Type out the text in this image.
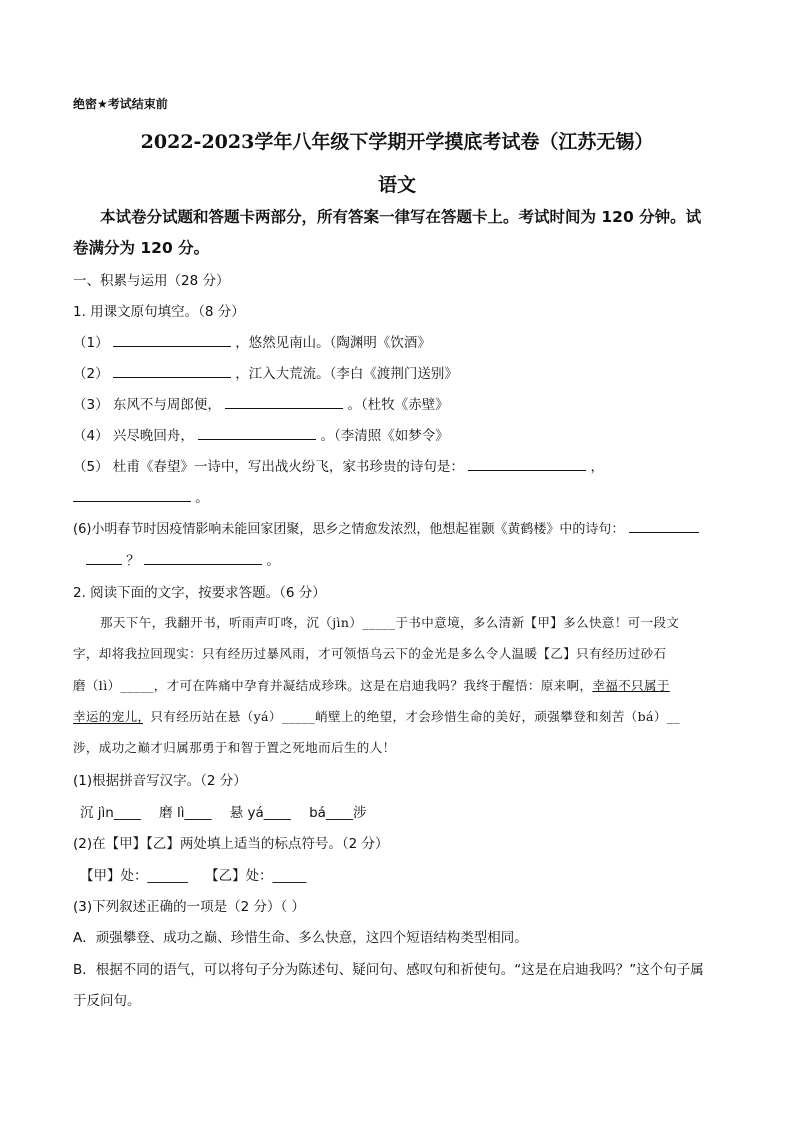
绝密★考试结束前
2022-2023学年八年级下学期开学摸底考试卷（江苏无锡）
语文
本试卷分试题和答题卡两部分，所有答案一律写在答题卡上。考试时间为 120 分钟。试
卷满分为 120 分。
一、积累与运用（28 分）
1. 用课文原句填空。（8 分）
（1）	，悠然见南山。（陶渊明《饮酒》
（2）	，江入大荒流。（李白《渡荆门送别》
（3） 东风不与周郎便，	。（杜牧《赤壁》
（4） 兴尽晚回舟，	。（李清照《如梦令》
（5） 杜甫《春望》一诗中，写出战火纷飞，家书珍贵的诗句是：	，
。
(6)小明春节时因疫情影响未能回家团聚，思乡之情愈发浓烈，他想起崔颢《黄鹤楼》中的诗句：
？	。
2. 阅读下面的文字，按要求答题。（6 分）
那天下午，我翻开书，听雨声叮咚，沉（jìn）_____于书中意境，多么清新【甲】多么快意！可一段文
字，却将我拉回现实：只有经历过暴风雨，才可领悟乌云下的金光是多么令人温暖【乙】只有经历过砂石
磨（lì）_____，才可在阵痛中孕育并凝结成珍珠。这是在启迪我吗？我终于醒悟：原来啊，幸福不只属于
幸运的宠儿，只有经历站在悬（yá）_____峭壁上的绝望，才会珍惜生命的美好，顽强攀登和刻苦（bá）__
涉，成功之巅才归属那勇于和智于置之死地而后生的人！
(1)根据拼音写汉字。（2 分）
沉 jìn____ 磨 lì____ 悬 yá____ bá____涉
(2)在【甲】【乙】两处填上适当的标点符号。（2 分）
【甲】处：______ 【乙】处：_____
(3)下列叙述正确的一项是（2 分）（ ）
A．顽强攀登、成功之巅、珍惜生命、多么快意，这四个短语结构类型相同。
B．根据不同的语气，可以将句子分为陈述句、疑问句、感叹句和祈使句。“这是在启迪我吗？”这个句子属
于反问句。
